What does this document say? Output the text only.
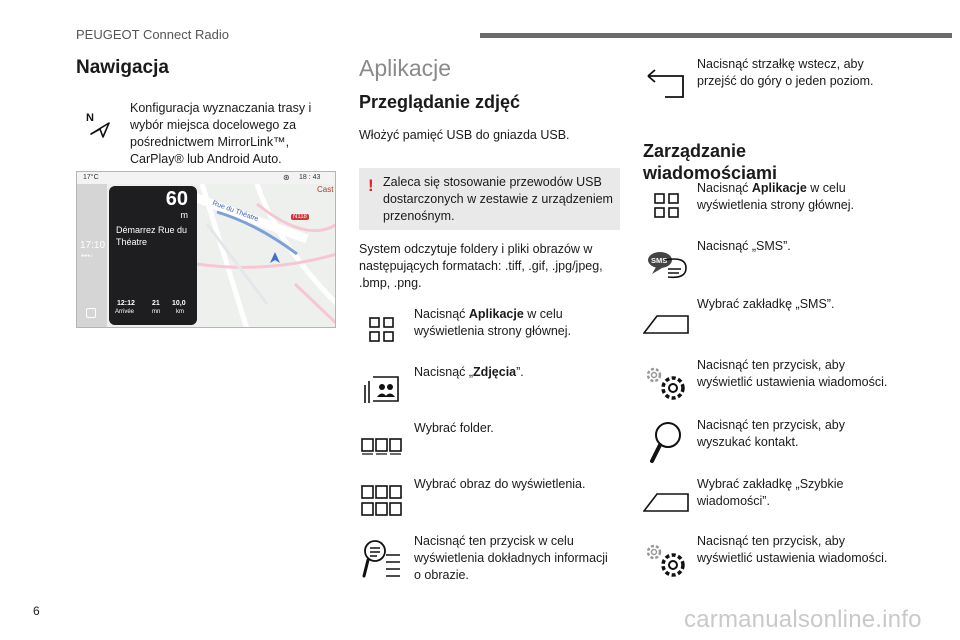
PEUGEOT Connect Radio
6	carmanualsonline.info
Nawigacja
N
Konfiguracja wyznaczania trasy i wybór miejsca docelowego za pośrednictwem MirrorLink™, CarPlay® lub Android Auto.
17°C	⊛ 18 : 43
17:10
●●●○
Rue du Théatre	N118
Cast
60
m
Démarrez Rue du Théatre
12:12
Arrivée
21
mn
10,0
km
Aplikacje
Przeglądanie zdjęć
Włożyć pamięć USB do gniazda USB.
! Zaleca się stosowanie przewodów USB dostarczonych w zestawie z urządzeniem przenośnym.
System odczytuje foldery i pliki obrazów w następujących formatach: .tiff, .gif, .jpg/jpeg, .bmp, .png.
Nacisnąć Aplikacje w celu wyświetlenia strony głównej.
Nacisnąć „Zdjęcia”.
Wybrać folder.
Wybrać obraz do wyświetlenia.
Nacisnąć ten przycisk w celu wyświetlenia dokładnych informacji o obrazie.
Nacisnąć strzałkę wstecz, aby przejść do góry o jeden poziom.
Zarządzanie wiadomościami
Nacisnąć Aplikacje w celu wyświetlenia strony głównej.
SMS
Nacisnąć „SMS”.
Wybrać zakładkę „SMS”.
Nacisnąć ten przycisk, aby wyświetlić ustawienia wiadomości.
Nacisnąć ten przycisk, aby wyszukać kontakt.
Wybrać zakładkę „Szybkie wiadomości”.
Nacisnąć ten przycisk, aby wyświetlić ustawienia wiadomości.
